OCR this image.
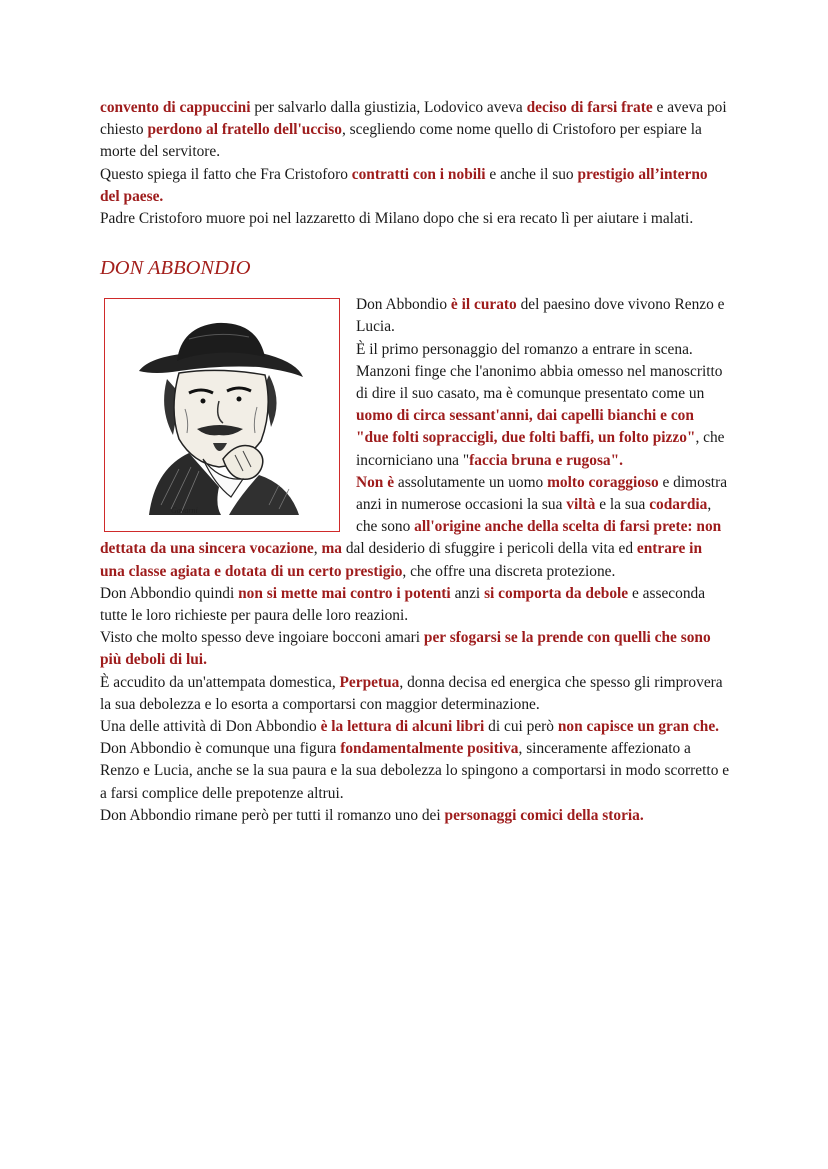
convento di cappuccini per salvarlo dalla giustizia, Lodovico aveva deciso di farsi frate e aveva poi chiesto perdono al fratello dell'ucciso, scegliendo come nome quello di Cristoforo per espiare la morte del servitore.

Questo spiega il fatto che Fra Cristoforo contratti con i nobili e anche il suo prestigio all’interno del paese.

Padre Cristoforo muore poi nel lazzaretto di Milano dopo che si era recato lì per aiutare i malati.

DON ABBONDIO
Gavarni

Don Abbondio è il curato del paesino dove vivono Renzo e Lucia.

È il primo personaggio del romanzo a entrare in scena.

Manzoni finge che l'anonimo abbia omesso nel manoscritto di dire il suo casato, ma è comunque presentato come un uomo di circa sessant'anni, dai capelli bianchi e con "due folti sopraccigli, due folti baffi, un folto pizzo", che incorniciano una "faccia bruna e rugosa".

Non è assolutamente un uomo molto coraggioso e dimostra anzi in numerose occasioni la sua viltà e la sua codardia, che sono all'origine anche della scelta di farsi prete: non dettata da una sincera vocazione, ma dal desiderio di sfuggire i pericoli della vita ed entrare in una classe agiata e dotata di un certo prestigio, che offre una discreta protezione.

Don Abbondio quindi non si mette mai contro i potenti anzi si comporta da debole e asseconda tutte le loro richieste per paura delle loro reazioni.

Visto che molto spesso deve ingoiare bocconi amari per sfogarsi se la prende con quelli che sono più deboli di lui.

È accudito da un'attempata domestica, Perpetua, donna decisa ed energica che spesso gli rimprovera la sua debolezza e lo esorta a comportarsi con maggior determinazione.

Una delle attività di Don Abbondio è la lettura di alcuni libri di cui però non capisce un gran che.

Don Abbondio è comunque una figura fondamentalmente positiva, sinceramente affezionato a Renzo e Lucia, anche se la sua paura e la sua debolezza lo spingono a comportarsi in modo scorretto e a farsi complice delle prepotenze altrui.

Don Abbondio rimane però per tutti il romanzo uno dei personaggi comici della storia.
